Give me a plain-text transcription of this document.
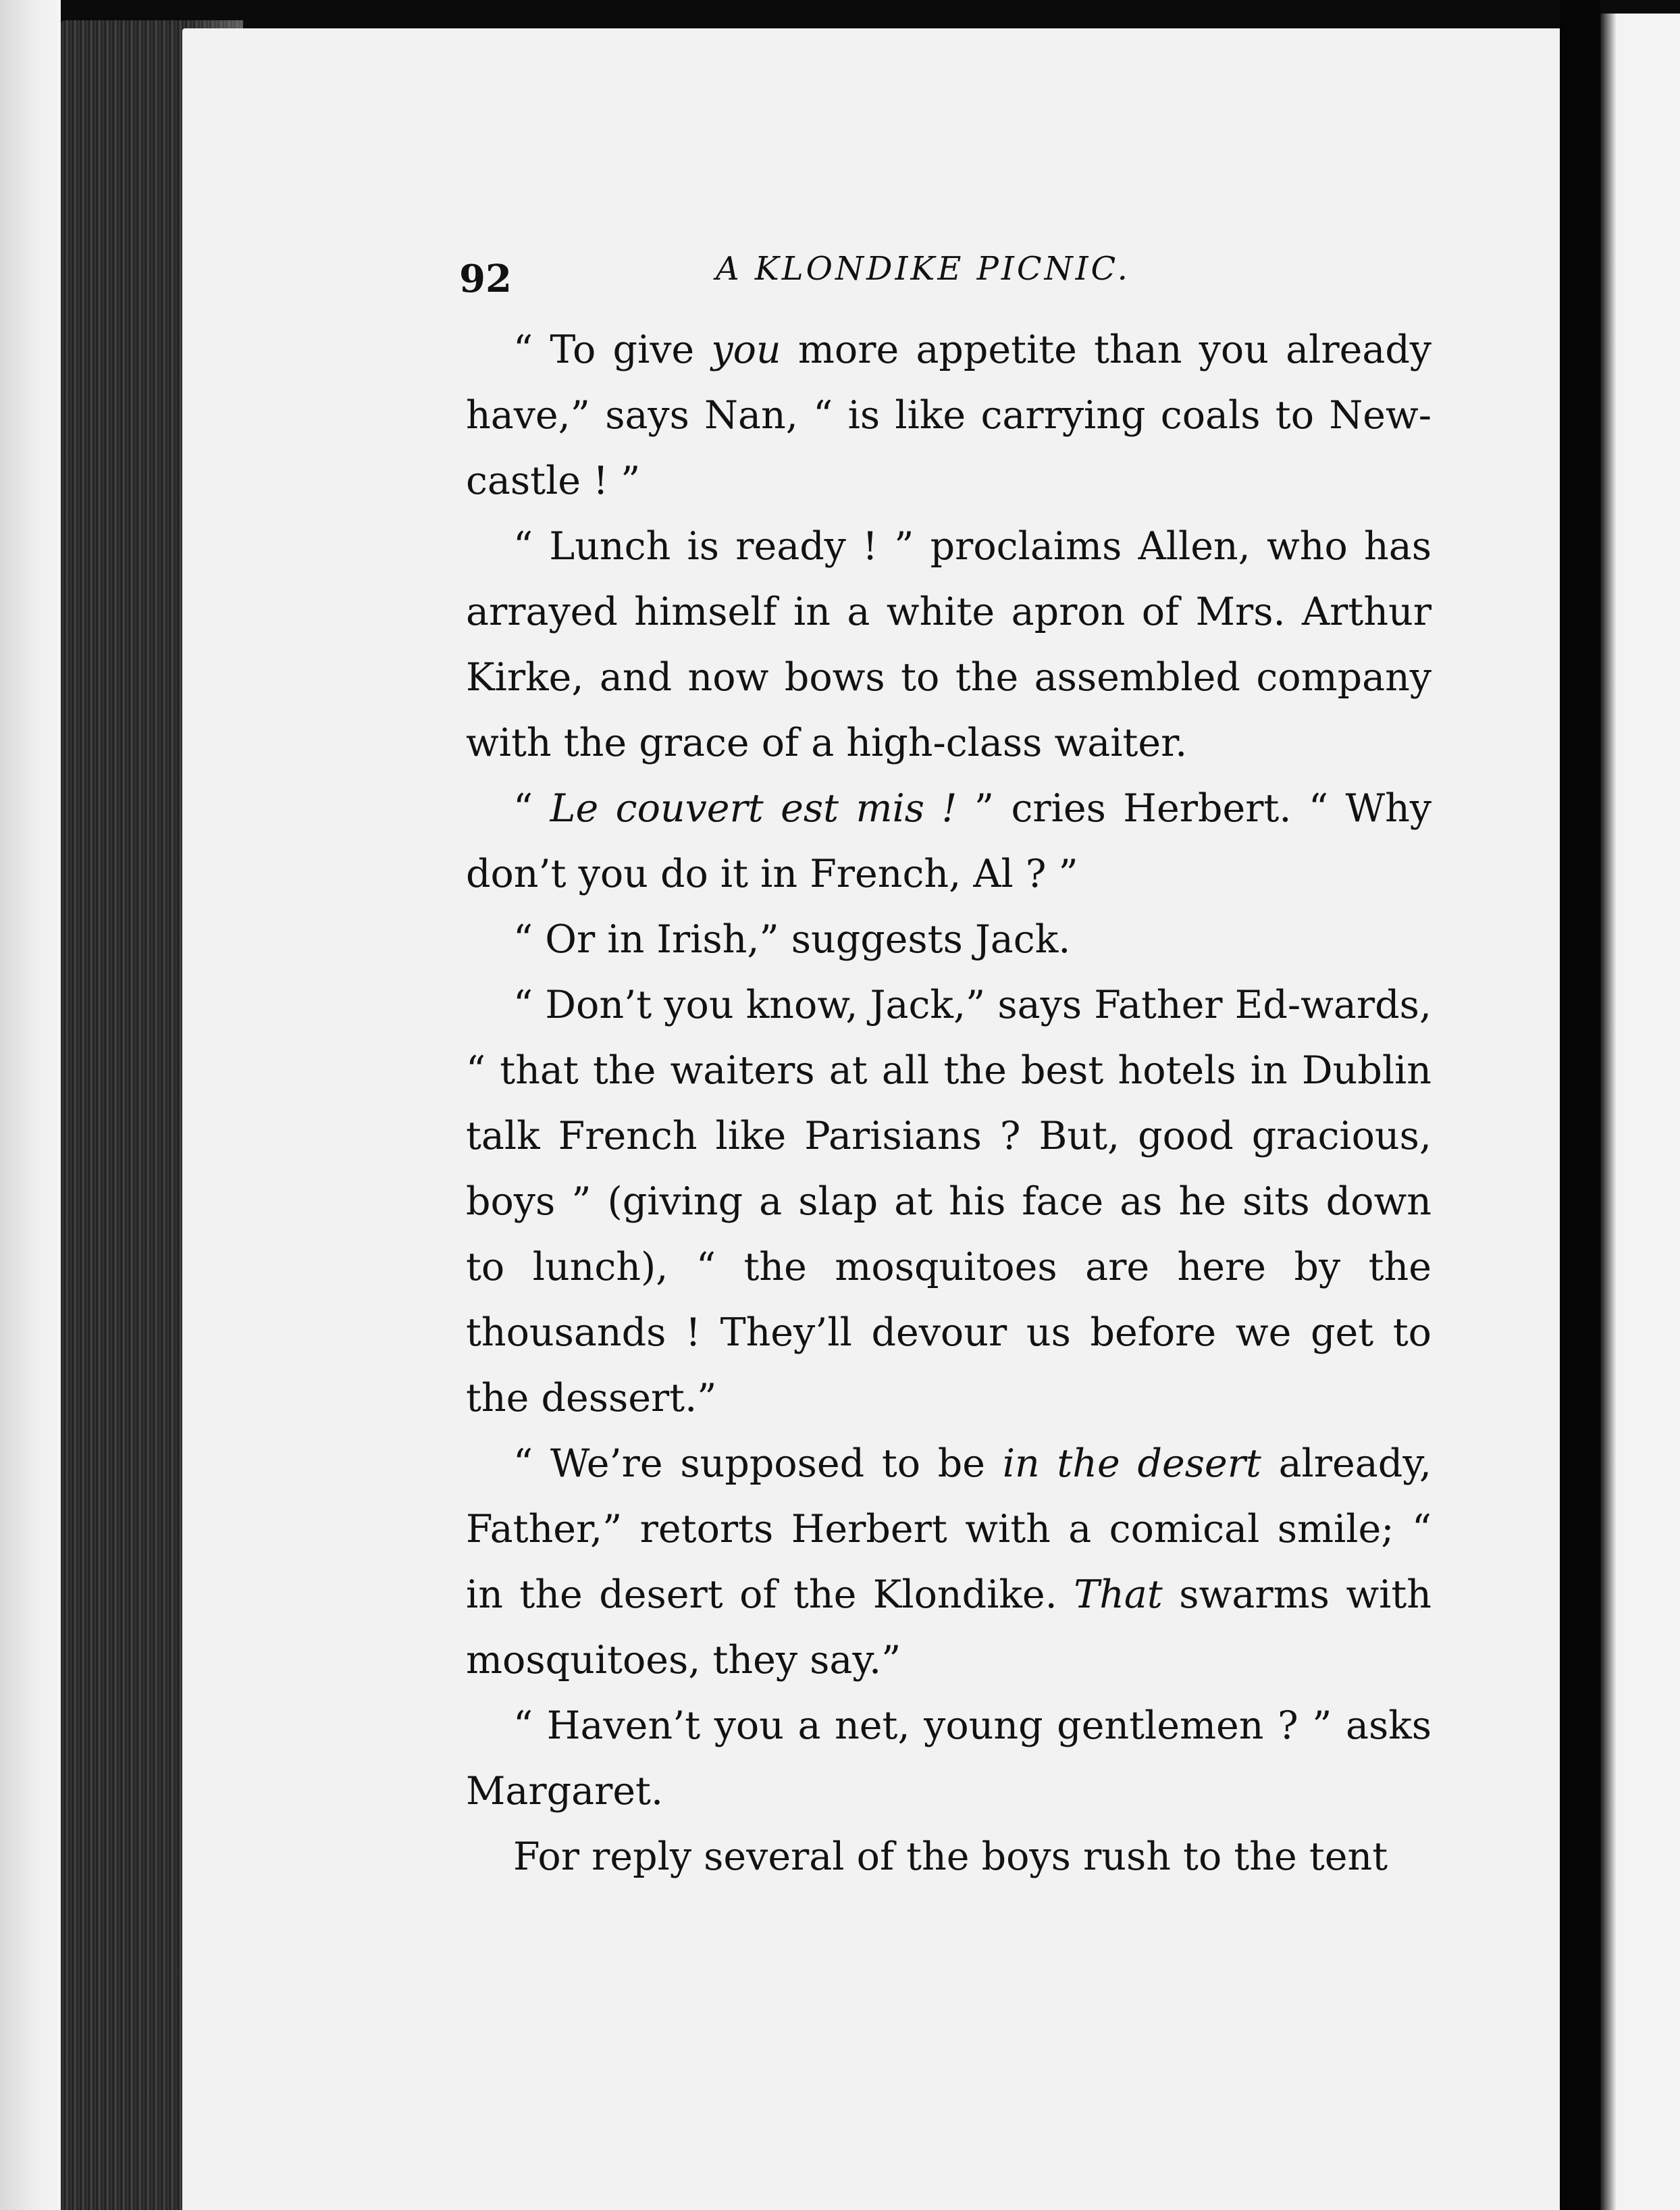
92	A KLONDIKE PICNIC.

“ To give you more appetite than you already have,” says Nan, “ is like carrying coals to New-castle ! ”

“ Lunch is ready ! ” proclaims Allen, who has arrayed himself in a white apron of Mrs. Arthur Kirke, and now bows to the assembled company with the grace of a high-class waiter.

“ Le couvert est mis ! ” cries Herbert. “ Why don’t you do it in French, Al ? ”

“ Or in Irish,” suggests Jack.

“ Don’t you know, Jack,” says Father Ed-wards, “ that the waiters at all the best hotels in Dublin talk French like Parisians ? But, good gracious, boys ” (giving a slap at his face as he sits down to lunch), “ the mosquitoes are here by the thousands ! They’ll devour us before we get to the dessert.”

“ We’re supposed to be in the desert already, Father,” retorts Herbert with a comical smile; “ in the desert of the Klondike. That swarms with mosquitoes, they say.”

“ Haven’t you a net, young gentlemen ? ” asks Margaret.

For reply several of the boys rush to the tent
